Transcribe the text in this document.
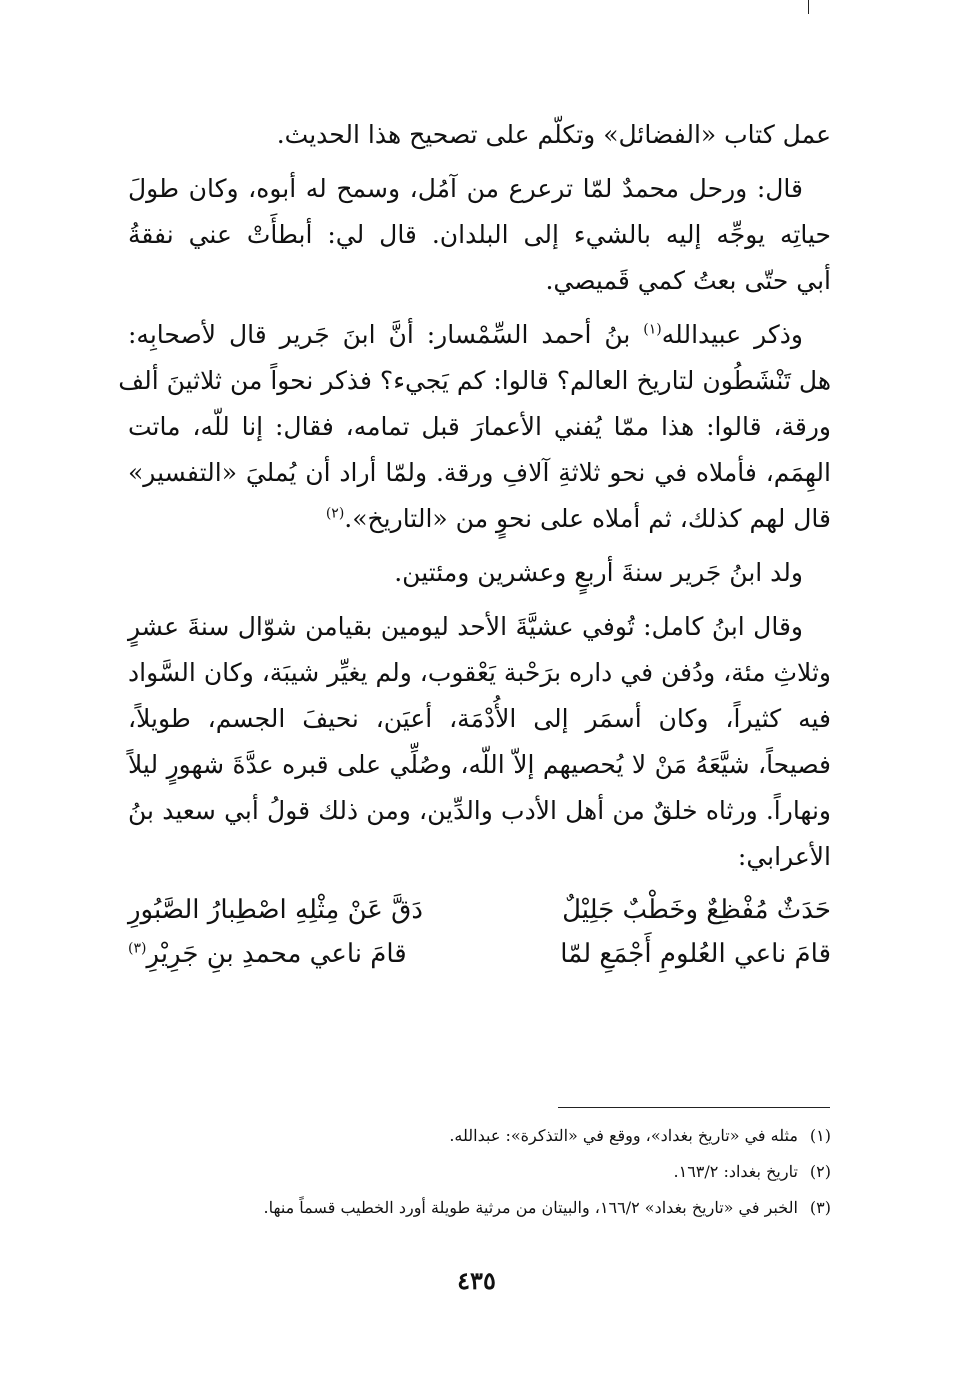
عمل كتاب «الفضائل» وتكلّم على تصحيح هذا الحديث.

قال: ورحل محمدٌ لمّا ترعرع من آمُل، وسمح له أبوه، وكان طولَ

حياتِه يوجِّه إليه بالشيء إلى البلدان. قال لي: أبطأَتْ عني نفقةُ

أبي حتّى بعتُ كمي قَميصي.

وذكر عبيدالله$^{(١)}$ بنُ أحمد السِّمْسار: أنَّ ابنَ جَرير قال لأصحابِه:

هل تَنْشَطُون لتاريخ العالم؟ قالوا: كم يَجيء؟ فذكر نحواً من ثلاثينَ ألف

ورقة، قالوا: هذا ممّا يُفني الأعمارَ قبل تمامه، فقال: إنا للّه، ماتت

الهِمَم، فأملاه في نحو ثلاثةِ آلافِ ورقة. ولمّا أراد أن يُمليَ «التفسير»

قال لهم كذلك، ثم أملاه على نحوٍ من «التاريخ».$^{(٢)}$

ولد ابنُ جَرير سنةَ أربعٍ وعشرين ومئتين.

وقال ابنُ كامل: تُوفي عشيَّةَ الأحد ليومين بقيامن شوّال سنةَ عشرٍ

وثلاثِ مئة، ودُفن في داره برَحْبة يَعْقوب، ولم يغيِّر شيبَة، وكان السَّواد

فيه كثيراً، وكان أسمَر إلى الأُدْمَة، أعيَن، نحيفَ الجسم، طويلاً،

فصيحاً، شيَّعَهُ مَنْ لا يُحصيهم إلاّ اللّه، وصُلِّي على قبره عدَّةَ شهورٍ ليلاً

ونهاراً. ورثاه خلقٌ من أهل الأدب والدِّين، ومن ذلك قولُ أبي سعيد بنُ

الأعرابي:

حَدَثٌ مُفْظِعٌ وخَطْبٌ جَلِيْلٌ
دَقَّ عَنْ مِثْلِهِ اصْطِبارُ الصَّبُورِ
قامَ ناعي العُلومِ أَجْمَعِ لمّا
قامَ ناعي محمدِ بنِ جَرِيْرِ$^{(٣)}$

(١)مثله في «تاريخ بغداد»، ووقع في «التذكرة»: عبدالله.

(٢)تاريخ بغداد: ١٦٣/٢.

(٣)الخبر في «تاريخ بغداد» ١٦٦/٢، والبيتان من مرثية طويلة أورد الخطيب قسماً منها.

٤٣٥
